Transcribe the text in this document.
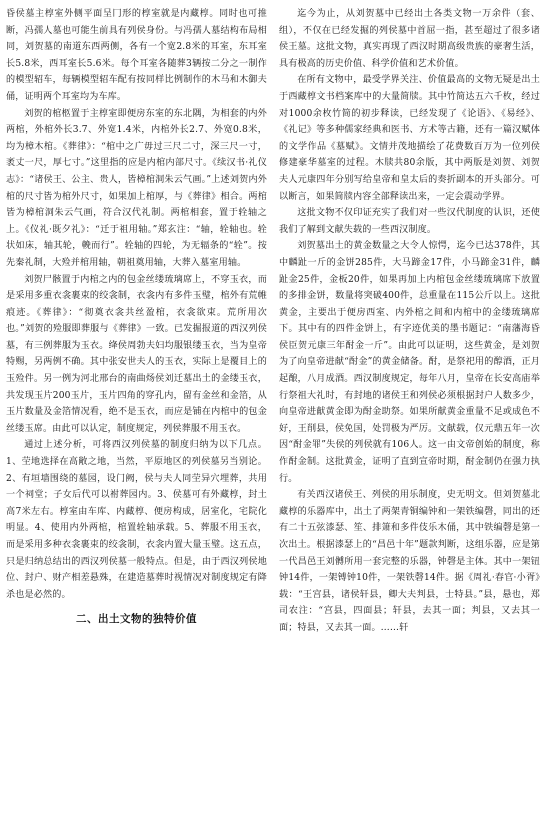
昏侯墓主椁室外侧平面呈冂形的椁室就是内藏椁。同时也可推断，冯孺人墓也可能生前具有列侯身份。与冯孺人墓结构布局相同，刘贺墓的南道东西两侧，各有一个宽2.8米的耳室，东耳室长5.8米，西耳室长5.6米。每个耳室各随葬3辆按二分之一制作的模型轺车，每辆模型轺车配有按同样比例制作的木马和木御夫俑，证明两个耳室均为车库。

刘贺的棺柩置于主椁室即便房东室的东北隅，为相套的内外两棺，外棺外长3.7、外宽1.4米，内棺外长2.7、外宽0.8米，均为樟木棺。《葬律》：“棺中之广毋过三尺二寸，深三尺一寸，袤丈一尺，厚七寸。”这里指的应是内棺内部尺寸。《续汉书·礼仪志》：“诸侯王、公主、贵人，皆樟棺洞朱云气画。”上述刘贺内外棺的尺寸皆为棺外尺寸，如果加上棺厚，与《葬律》相合。两棺皆为樟棺洞朱云气画，符合汉代礼制。两棺相套，置于辁轴之上。《仪礼·既夕礼》：“迁于祖用轴。”郑玄注：“轴，辁轴也。辁状如床，轴其轮，輓而行”。辁轴的四轮，为无辐条的“辁”。按先秦礼制，大殓并棺用轴，朝祖奠用轴，大葬入墓室用轴。

刘贺尸骸置于内棺之内的包金丝缕琉璃席上，不穿玉衣，而是采用多重衣衾裹束的绞衾制，衣衾内有多件玉璧，棺外有荒帷痕迹。《葬律》：“彻奠衣衾共丝盈棺，衣衾欲束。荒所用次也。”刘贺的殓服即葬服与《葬律》一致。已发掘报道的西汉列侯墓，有三例葬服为玉衣。绛侯周勃夫妇均服银缕玉衣，当为皇帝特赐，另两例不确。其中张安世夫人的玉衣，实际上是覆目上的玉殓件。另一例为河北邢台的南曲炀侯刘迁墓出土的金缕玉衣，共发现玉片200玉片，玉片四角的穿孔内，留有金丝和金箔，从玉片数量及金箔情况看，绝不是玉衣，而应是铺在内棺中的包金丝缕玉席。由此可以认定，制度规定，列侯葬服不用玉衣。

通过上述分析，可将西汉列侯墓的制度归纳为以下几点。1、茔地选择在高敞之地，当然，平原地区的列侯墓另当别论。2、有垣墙围绕的墓园，设门阙，侯与夫人同茔异穴埋葬，共用一个祠堂；子女后代可以祔葬园内。3、侯墓可有外藏椁，封土高7米左右。椁室由车库、内藏椁、便房构成，居室化，宅院化明显。4、使用内外两棺，棺置辁轴承载。5、葬服不用玉衣，而是采用多种衣衾裹束的绞衾制，衣衾内置大量玉璧。这五点，只是归纳总结出的西汉列侯墓一般特点。但是，由于西汉列侯地位、封户、财产相差悬殊，在建造墓葬时视情况对制度规定有降杀也是必然的。

二、出土文物的独特价值

迄今为止，从刘贺墓中已经出土各类文物一万余件（套、组），不仅在已经发掘的列侯墓中首屈一指，甚至超过了很多诸侯王墓。这批文物，真实再现了西汉时期高级贵族的豪奢生活，具有极高的历史价值、科学价值和艺术价值。

在所有文物中，最受学界关注、价值最高的文物无疑是出土于西藏椁文书档案库中的大量简牍。其中竹简达五六千枚，经过对1000余枚竹简的初步释读，已经发现了《论语》、《易经》、《礼记》等多种儒家经典和医书、方术等古籍，还有一篇汉赋体的文学作品《墓赋》。文情并茂地描绘了花费数百万为一位列侯修建豪华墓室的过程。木牍共80余版，其中两版是刘贺、刘贺夫人元康四年分别写给皇帝和皇太后的奏折副本的开头部分。可以断言，如果简牍内容全部释读出来，一定会震动学界。

这批文物不仅印证充实了我们对一些汉代制度的认识，还使我们了解到文献失载的一些西汉制度。

刘贺墓出土的黄金数量之大令人惊愕，迄今已达378件，其中麟趾一斤的金饼285件，大马蹄金17件，小马蹄金31件，麟趾金25件，金板20件，如果再加上内棺包金丝缕琉璃席下放置的多排金饼，数量将突破400件，总重量在115公斤以上。这批黄金，主要出于便房西室、内外棺之间和内棺中的金缕琉璃席下。其中有的四件金饼上，有字迹优美的墨书题记：“南藩海昏侯臣贺元康三年酎金一斤”。由此可以证明，这些黄金，是刘贺为了向皇帝进献“酎金”的黄金储备。酎，是祭祀用的醇酒，正月起酿，八月成酒。西汉制度规定，每年八月，皇帝在长安高庙举行祭祖大礼时，有封地的诸侯王和列侯必须根据封户人数多少，向皇帝进献黄金即为酎金助祭。如果所献黄金重量不足或成色不好，王削县，侯免国，处罚极为严厉。文献载，仅元鼎五年一次因“酎金罪”失侯的列侯就有106人。这一由文帝创始的制度，称作酎金制。这批黄金，证明了直到宣帝时期，酎金制仍在强力执行。

有关西汉诸侯王、列侯的用乐制度，史无明文。但刘贺墓北藏椁的乐器库中，出土了两架青铜编钟和一架铁编磬，同出的还有二十五弦漆瑟、笙、排箫和多件伎乐木俑，其中铁编磬是第一次出土。根据漆瑟上的“昌邑十年”题款判断，这组乐器，应是第一代昌邑王刘髆所用一套完整的乐器，钟磬是主体。其中一架钮钟14件，一架镈钟10件，一架铁磬14件。据《周礼·春官·小胥》载：“王宫县，诸侯轩县，卿大夫判县，士特县。”县，悬也，郑司农注：“宫县，四面县；轩县，去其一面；判县，又去其一面；特县，又去其一面。……轩
